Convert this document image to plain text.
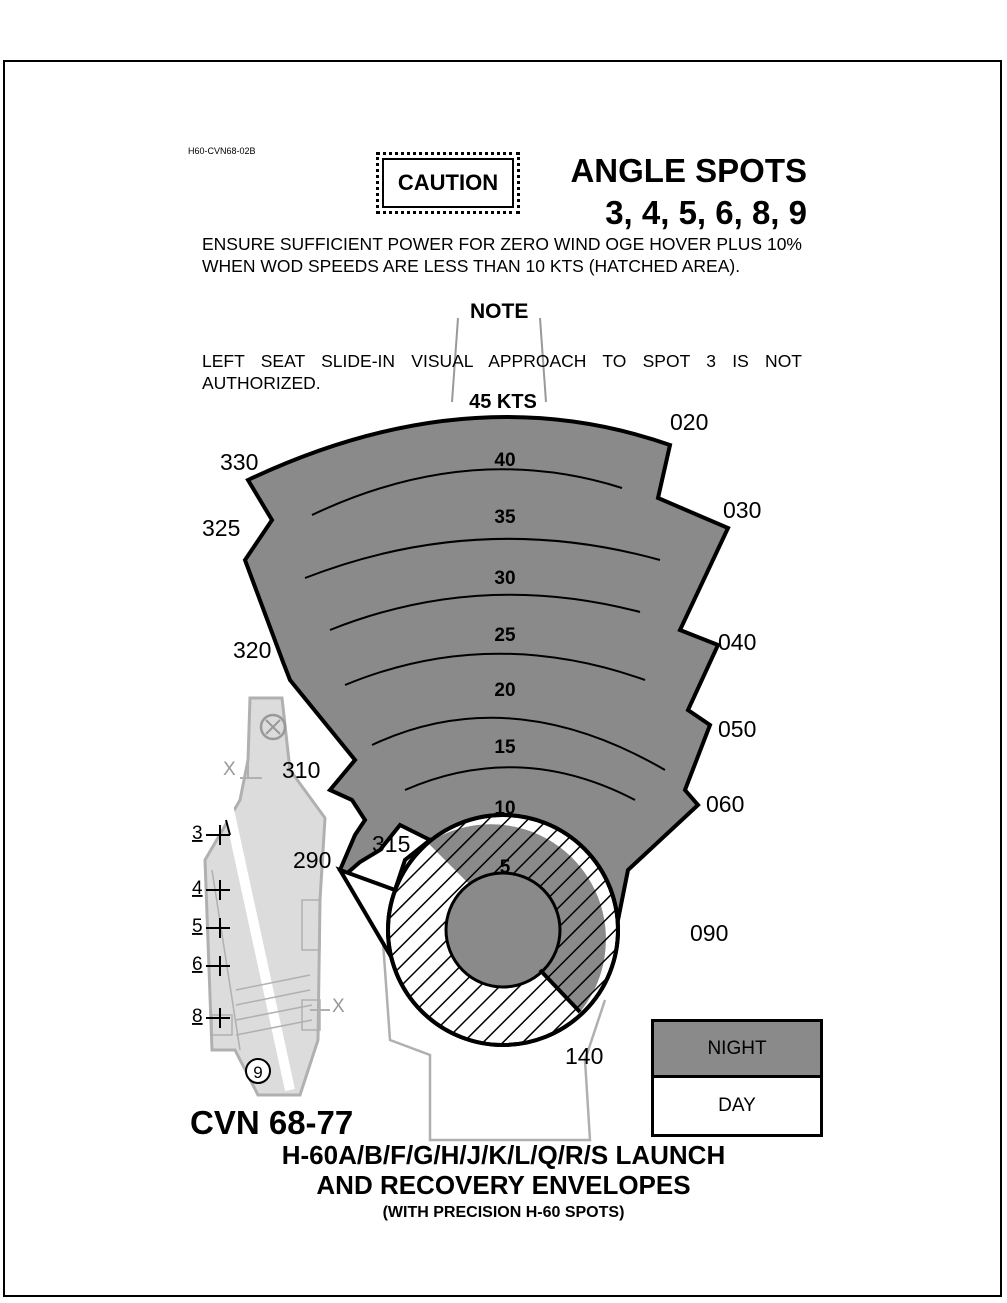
H60-CVN68-02B
CAUTION ANGLE SPOTS
3, 4, 5, 6, 8, 9
ENSURE SUFFICIENT POWER FOR ZERO WIND OGE HOVER PLUS 10% WHEN WOD SPEEDS ARE LESS THAN 10 KTS (HATCHED AREA).
X
X
45 KTS
40
35
30
25
20
15
10
5
330
325
320
310
315
290
020
030
040
050
060
090
140
3
4
5
6
8
9
NOTE
LEFT SEAT SLIDE-IN VISUAL APPROACH TO SPOT 3 IS NOT AUTHORIZED.
NIGHT
DAY
CVN 68-77
H-60A/B/F/G/H/J/K/L/Q/R/S LAUNCH
AND RECOVERY ENVELOPES
(WITH PRECISION H-60 SPOTS)
